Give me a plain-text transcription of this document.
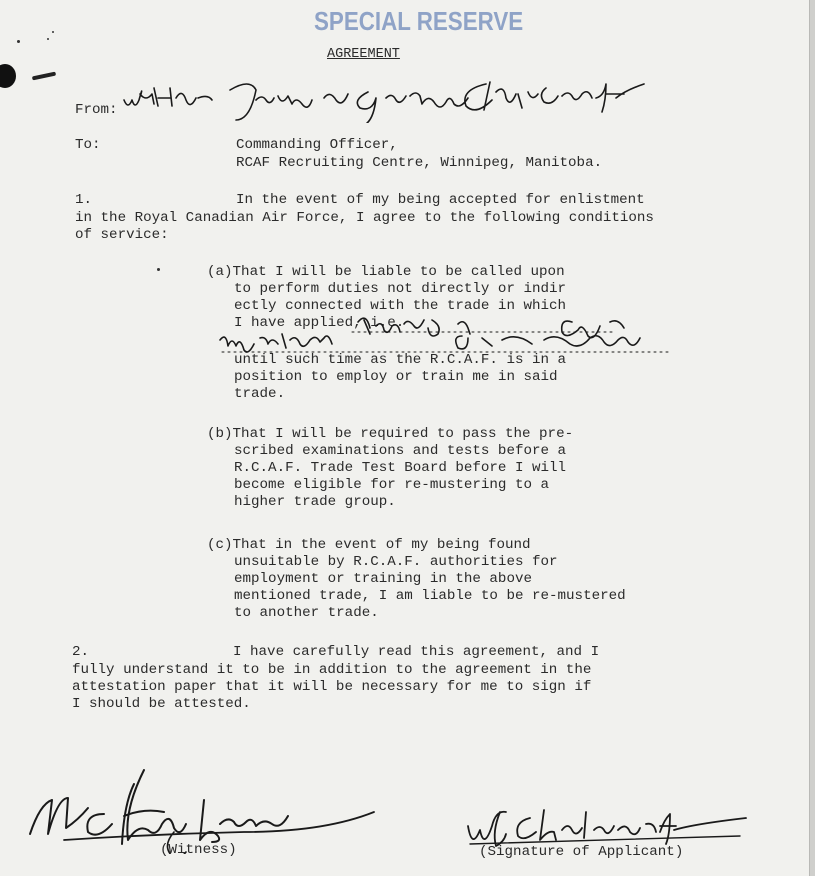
SPECIAL RESERVE
AGREEMENT
From:
To:	Commanding Officer,
RCAF Recruiting Centre, Winnipeg, Manitoba.
1.	In the event of my being accepted for enlistment
in the Royal Canadian Air Force, I agree to the following conditions
of service:
(a)That I will be liable to be called upon
to perform duties not directly or indir
ectly connected with the trade in which
I have applied, i.e.
until such time as the R.C.A.F. is in a
position to employ or train me in said
trade.
(b)That I will be required to pass the pre-
scribed examinations and tests before a
R.C.A.F. Trade Test Board before I will
become eligible for re-mustering to a
higher trade group.
(c)That in the event of my being found
unsuitable by R.C.A.F. authorities for
employment or training in the above
mentioned trade, I am liable to be re-mustered
to another trade.
2.	I have carefully read this agreement, and I
fully understand it to be in addition to the agreement in the
attestation paper that it will be necessary for me to sign if
I should be attested.
(Witness)	(Signature of Applicant)
